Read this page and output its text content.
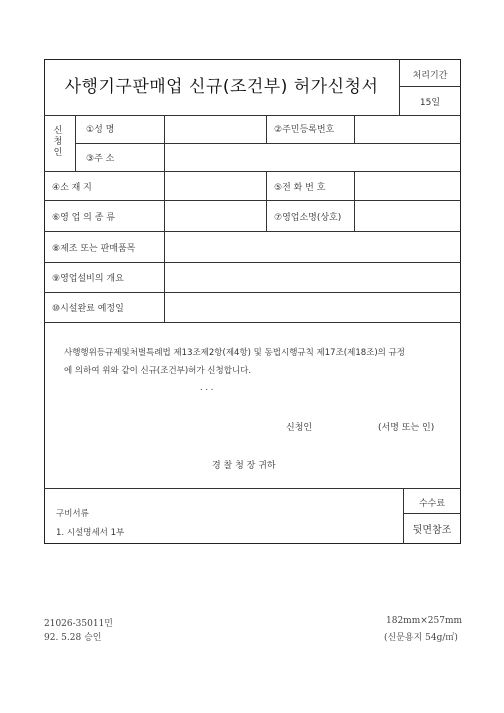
사행기구판매업 신규(조건부) 허가신청서
처리기간
15일
신청인
①성 명	②주민등록번호
③주 소
④소 재 지	⑤전 화 번 호
⑥영 업 의 종 류	⑦영업소명(상호)
⑧제조 또는 판매품목
⑨영업설비의 개요
⑩시설완료 예정일
사행행위등규제및처벌특례법 제13조제2항(제4항) 및 동법시행규칙 제17조(제18조)의 규정
에 의하여 위와 같이 신규(조건부)허가 신청합니다.
. . .
신청인	(서명 또는 인)
경 찰 청 장 귀하
구비서류
1. 시설명세서 1부
수수료
뒷면참조
21026-35011민
92. 5.28 승인
182mm×257mm
(신문용지 54g/㎡)
